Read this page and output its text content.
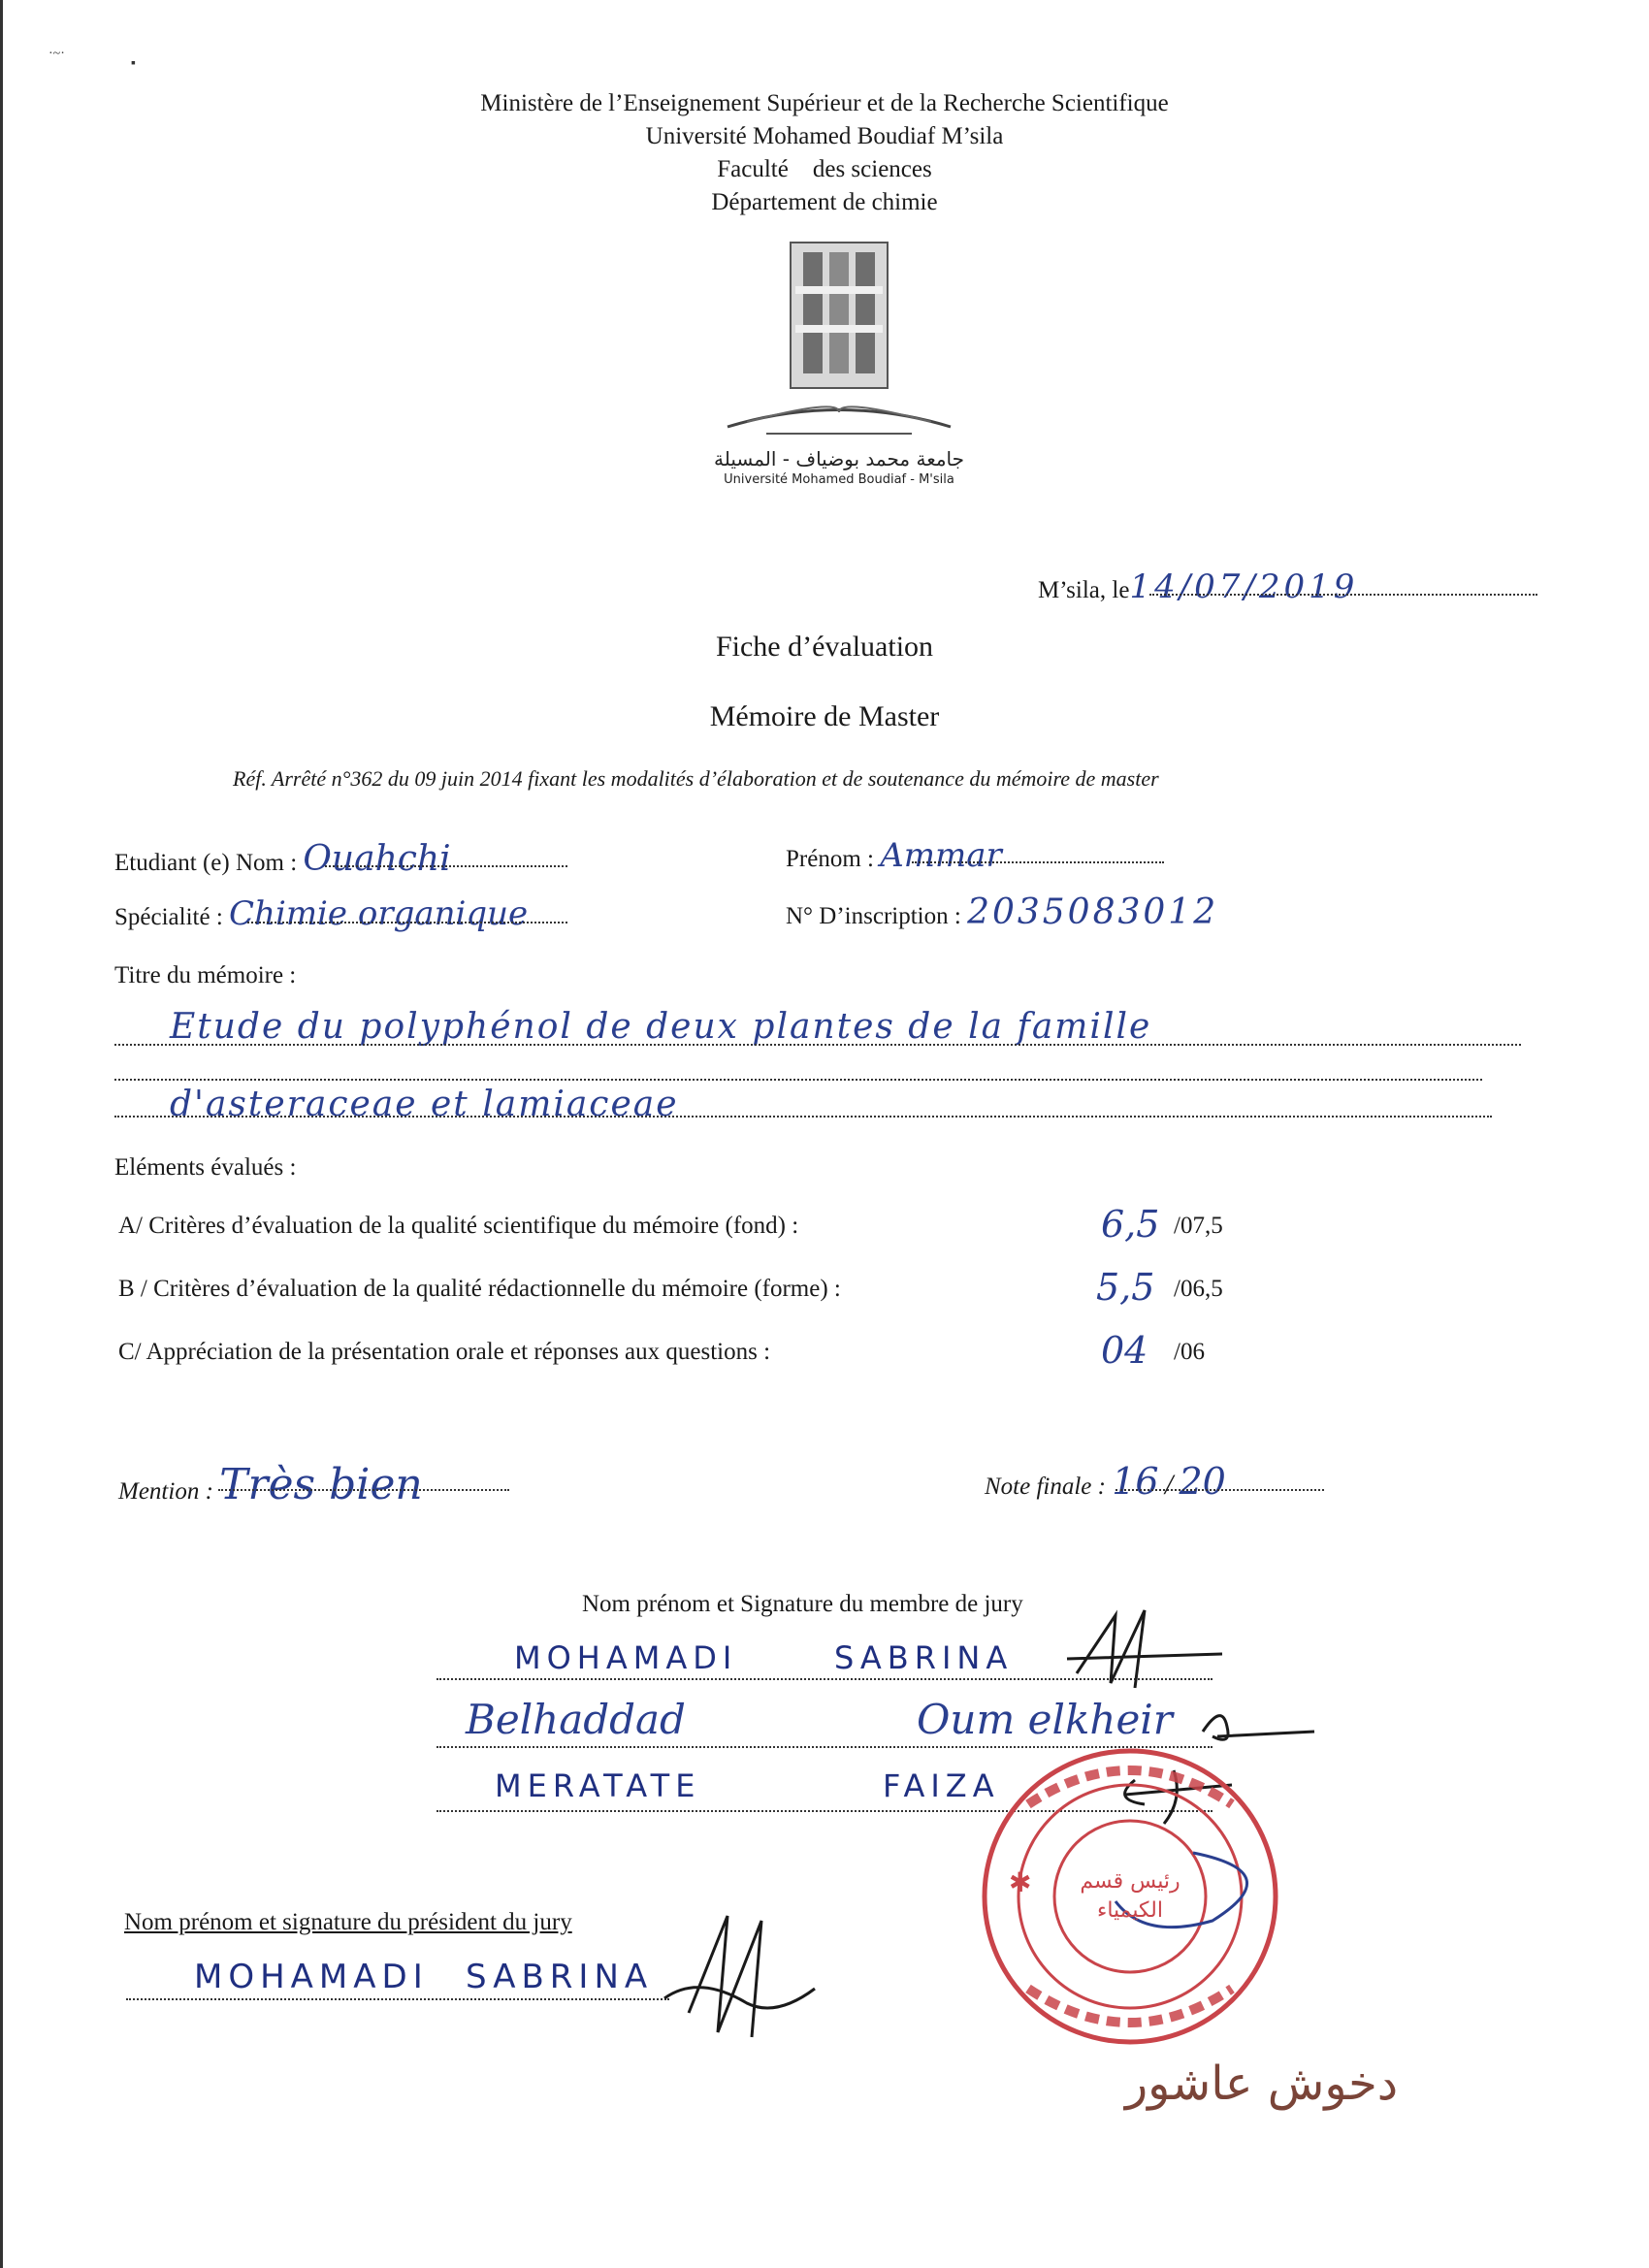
·~·
▪
Ministère de l’Enseignement Supérieur et de la Recherche Scientifique
Université Mohamed Boudiaf M’sila
Faculté    des sciences
Département de chimie
جامعة محمد بوضياف - المسيلة
Université Mohamed Boudiaf - M'sila
M’sila, le14/07/2019
Fiche d’évaluation
Mémoire de Master
Réf. Arrêté n°362 du 09 juin 2014 fixant les modalités d’élaboration et de soutenance du mémoire de master
Etudiant (e) Nom : Ouahchi	Prénom : Ammar
Spécialité : Chimie organique	N° D’inscription : 2035083012
Titre du mémoire :
Etude du polyphénol de deux plantes de la famille
d'asteraceae et lamiaceae
Eléments évalués :
A/ Critères d’évaluation de la qualité scientifique du mémoire (fond) :	6,5 /07,5
B / Critères d’évaluation de la qualité rédactionnelle du mémoire (forme) :	5,5 /06,5
C/ Appréciation de la présentation orale et réponses aux questions :	04 /06
Mention : Très bien	Note finale : 16 / 20
Nom prénom et Signature du membre de jury
MOHAMADI	SABRINA
Belhaddad	Oum elkheir
MERATATE	FAIZA
Nom prénom et signature du président du jury
MOHAMADI SABRINA
✱	رئيس قسم الكيمياء
دخوش عاشور
